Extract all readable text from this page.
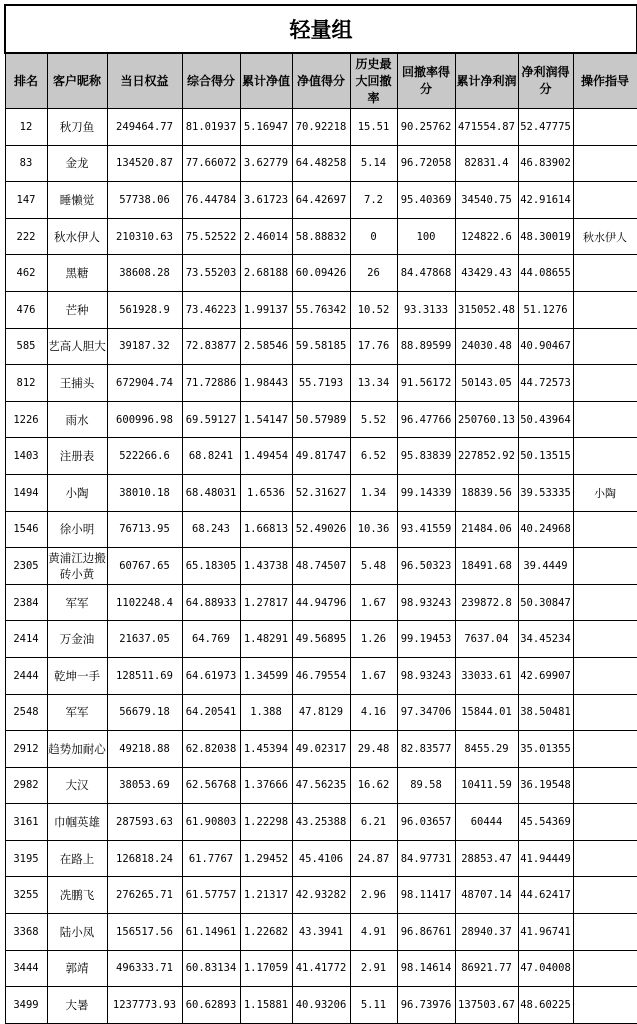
轻量组										
排名	客户昵称	当日权益	综合得分	累计净值	净值得分	历史最大回撤率	回撤率得分	累计净利润	净利润得分	操作指导
12	秋刀鱼	249464.77	81.01937	5.16947	70.92218	15.51	90.25762	471554.87	52.47775	
83	金龙	134520.87	77.66072	3.62779	64.48258	5.14	96.72058	82831.4	46.83902	
147	睡懒觉	57738.06	76.44784	3.61723	64.42697	7.2	95.40369	34540.75	42.91614	
222	秋水伊人	210310.63	75.52522	2.46014	58.88832	0	100	124822.6	48.30019	秋水伊人
462	黑糖	38608.28	73.55203	2.68188	60.09426	26	84.47868	43429.43	44.08655	
476	芒种	561928.9	73.46223	1.99137	55.76342	10.52	93.3133	315052.48	51.1276	
585	艺高人胆大	39187.32	72.83877	2.58546	59.58185	17.76	88.89599	24030.48	40.90467	
812	王捕头	672904.74	71.72886	1.98443	55.7193	13.34	91.56172	50143.05	44.72573	
1226	雨水	600996.98	69.59127	1.54147	50.57989	5.52	96.47766	250760.13	50.43964	
1403	注册表	522266.6	68.8241	1.49454	49.81747	6.52	95.83839	227852.92	50.13515	
1494	小陶	38010.18	68.48031	1.6536	52.31627	1.34	99.14339	18839.56	39.53335	小陶
1546	徐小明	76713.95	68.243	1.66813	52.49026	10.36	93.41559	21484.06	40.24968	
2305	黄浦江边搬砖小黄	60767.65	65.18305	1.43738	48.74507	5.48	96.50323	18491.68	39.4449	
2384	军军	1102248.4	64.88933	1.27817	44.94796	1.67	98.93243	239872.8	50.30847	
2414	万金油	21637.05	64.769	1.48291	49.56895	1.26	99.19453	7637.04	34.45234	
2444	乾坤一手	128511.69	64.61973	1.34599	46.79554	1.67	98.93243	33033.61	42.69907	
2548	军军	56679.18	64.20541	1.388	47.8129	4.16	97.34706	15844.01	38.50481	
2912	趋势加耐心	49218.88	62.82038	1.45394	49.02317	29.48	82.83577	8455.29	35.01355	
2982	大汉	38053.69	62.56768	1.37666	47.56235	16.62	89.58	10411.59	36.19548	
3161	巾帼英雄	287593.63	61.90803	1.22298	43.25388	6.21	96.03657	60444	45.54369	
3195	在路上	126818.24	61.7767	1.29452	45.4106	24.87	84.97731	28853.47	41.94449	
3255	冼鹏飞	276265.71	61.57757	1.21317	42.93282	2.96	98.11417	48707.14	44.62417	
3368	陆小凤	156517.56	61.14961	1.22682	43.3941	4.91	96.86761	28940.37	41.96741	
3444	郭靖	496333.71	60.83134	1.17059	41.41772	2.91	98.14614	86921.77	47.04008	
3499	大暑	1237773.93	60.62893	1.15881	40.93206	5.11	96.73976	137503.67	48.60225	
